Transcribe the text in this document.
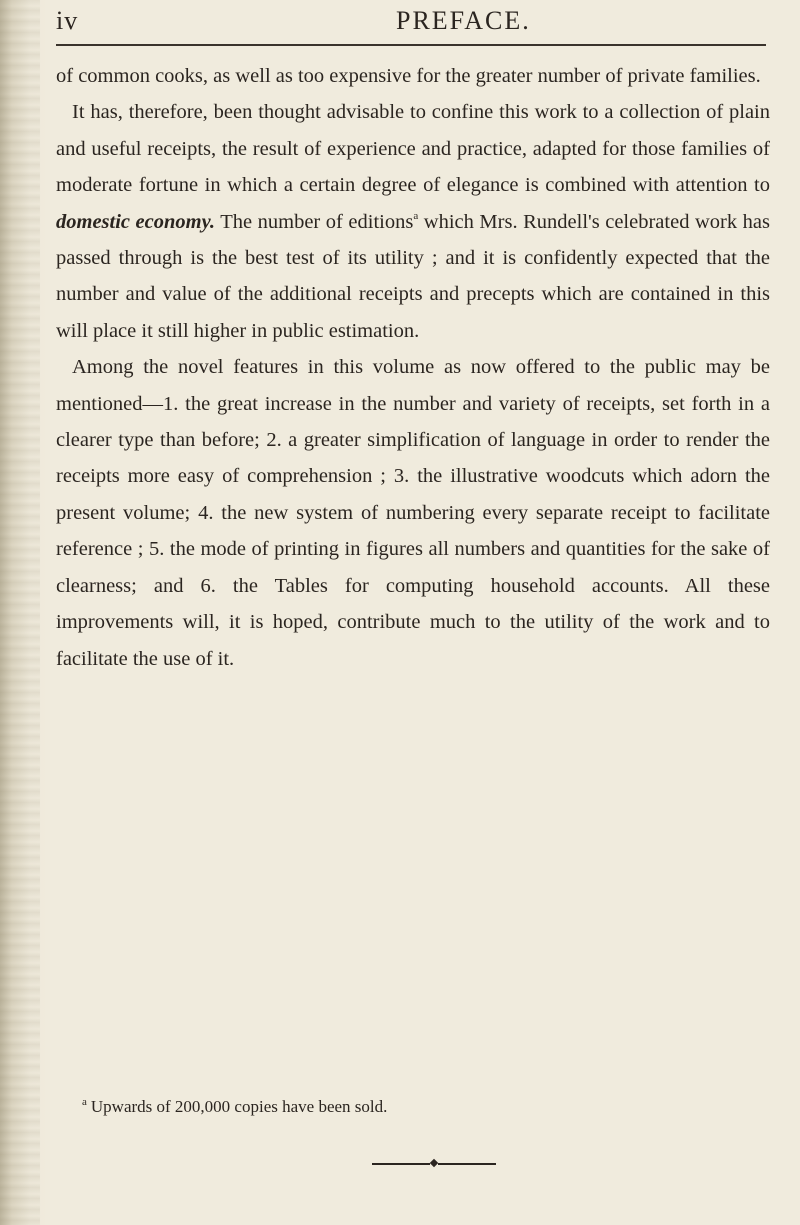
iv	PREFACE.

of common cooks, as well as too expensive for the greater number of private families.

It has, therefore, been thought advisable to confine this work to a collection of plain and useful receipts, the result of experience and practice, adapted for those families of moderate fortune in which a certain degree of elegance is combined with attention to domestic economy. The number of editions$^a$ which Mrs. Rundell's celebrated work has passed through is the best test of its utility ; and it is confidently expected that the number and value of the additional receipts and precepts which are contained in this will place it still higher in public estimation.

Among the novel features in this volume as now offered to the public may be mentioned—1. the great increase in the number and variety of receipts, set forth in a clearer type than before; 2. a greater simplification of language in order to render the receipts more easy of comprehension ; 3. the illustrative woodcuts which adorn the present volume; 4. the new system of numbering every separate receipt to facilitate reference ; 5. the mode of printing in figures all numbers and quantities for the sake of clearness; and 6. the Tables for computing household accounts. All these improvements will, it is hoped, contribute much to the utility of the work and to facilitate the use of it.

$^a$ Upwards of 200,000 copies have been sold.
